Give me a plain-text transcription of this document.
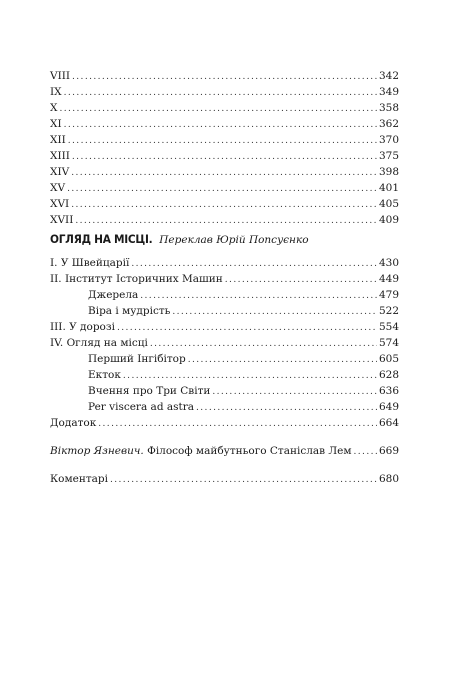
VIII .....	342
IX .....	349
X .....	358
XI .....	362
XII .....	370
XIII .....	375
XIV .....	398
XV .....	401
XVI .....	405
XVII .....	409
ОГЛЯД НА МІСЦІ. Переклав Юрій Попсуєнко
І. У Швейцарії .....	430
ІІ. Інститут Історичних Машин .....	449
Джерела .....	479
Віра і мудрість .....	522
ІІІ. У дорозі .....	554
IV. Огляд на місці .....	574
Перший Інгібітор .....	605
Екток .....	628
Вчення про Три Світи .....	636
Per viscera ad astra .....	649
Додаток .....	664
Віктор Язневич. Філософ майбутнього Станіслав Лем .....	669
Коментарі .....	680
